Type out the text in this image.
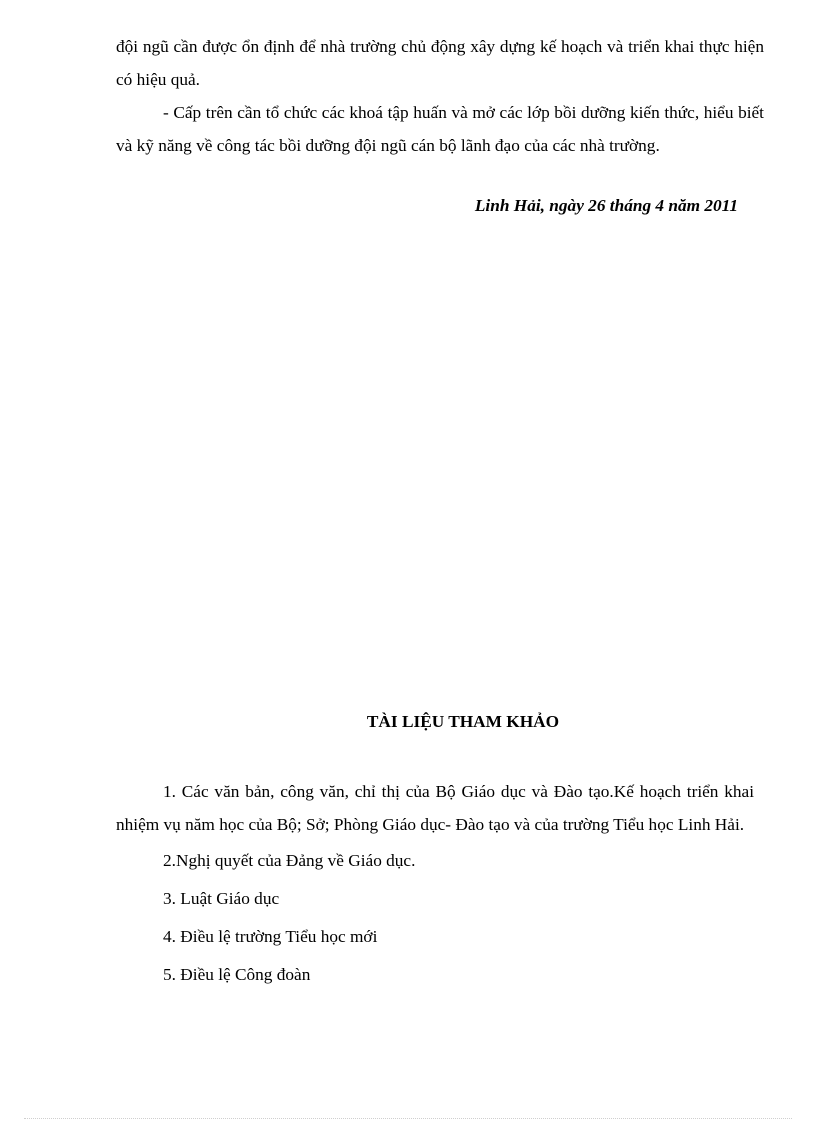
đội ngũ cần được ổn định để nhà trường chủ động xây dựng kế hoạch và triển khai thực hiện có hiệu quả.

- Cấp trên cần tổ chức các khoá tập huấn và mở các lớp bồi dưỡng kiến thức, hiểu biết và kỹ năng về công tác bồi dưỡng đội ngũ cán bộ lãnh đạo của các nhà trường.

Linh Hải, ngày 26 tháng 4 năm 2011
TÀI LIỆU THAM KHẢO
1. Các văn bản, công văn, chỉ thị của Bộ Giáo dục và Đào tạo.Kế hoạch triển khai nhiệm vụ năm học của Bộ; Sở; Phòng Giáo dục- Đào tạo và của trường Tiểu học Linh Hải.
2.Nghị quyết của Đảng về Giáo dục.
3. Luật Giáo dục
4. Điều lệ trường Tiểu học mới
5. Điều lệ Công đoàn
